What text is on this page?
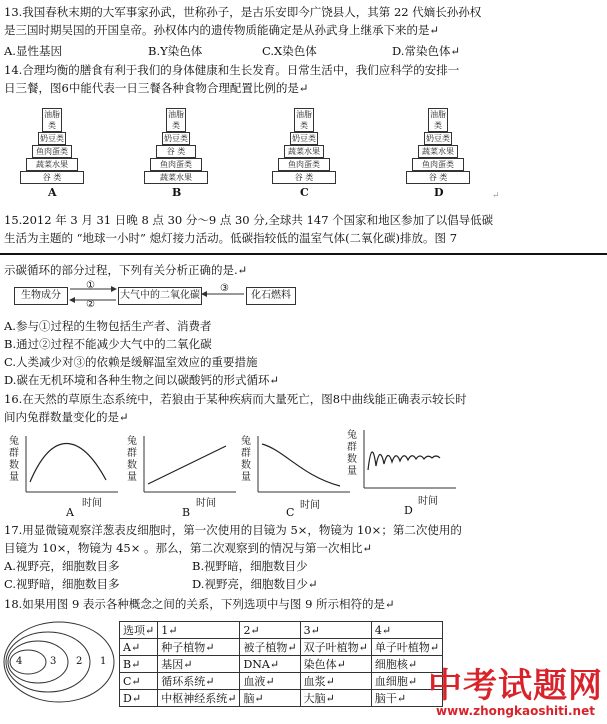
13.我国春秋末期的大军事家孙武，世称孙子，是古乐安即今广饶县人，其第 22 代嫡长孙孙权
是三国时期吴国的开国皇帝。孙权体内的遗传物质能确定是从孙武身上继承下来的是↵
A.显性基因	B.Y染色体	C.X染色体	D.常染色体↵
14.合理均衡的膳食有利于我们的身体健康和生长发育。日常生活中，我们应科学的安排一
日三餐，图6中能代表一日三餐各种食物合理配置比例的是↵
油脂类
奶豆类
鱼肉蛋类
蔬菜水果
谷 类
A
油脂类
奶豆类
谷 类
鱼肉蛋类
蔬菜水果
B
油脂类
奶豆类
蔬菜水果
鱼肉蛋类
谷 类
C
油脂类
奶豆类
蔬菜水果
鱼肉蛋类
谷 类
D	↵
15.2012 年 3 月 31 日晚 8 点 30 分～9 点 30 分,全球共 147 个国家和地区参加了以倡导低碳
生活为主题的 “地球一小时” 熄灯接力活动。低碳指较低的温室气体(二氧化碳)排放。图 7
示碳循环的部分过程，下列有关分析正确的是.↵
生物成分	大气中的二氧化碳	化石燃料
①
②
③
A.参与①过程的生物包括生产者、消费者
B.通过②过程不能减少大气中的二氧化碳
C.人类减少对③的依赖是缓解温室效应的重要措施
D.碳在无机环境和各种生物之间以碳酸钙的形式循环↵
16.在天然的草原生态系统中，若狼由于某种疾病而大量死亡，图8中曲线能正确表示较长时
间内兔群数量变化的是↵
兔群数量
时间
A
兔群数量
时间
B
兔群数量
时间
C
兔群数量
时间
D
17.用显微镜观察洋葱表皮细胞时，第一次使用的目镜为 5×，物镜为 10×；第二次使用的
目镜为 10×，物镜为 45× 。那么，第二次观察到的情况与第一次相比↵
A.视野亮，细胞数目多	B.视野暗，细胞数目少
C.视野暗，细胞数目多	D.视野亮，细胞数目少↵
18.如果用图 9 表示各种概念之间的关系，下列选项中与图 9 所示相符的是↵
4	3 2 1
选项↵	1↵	2↵	3↵	4↵
A↵	种子植物↵	被子植物↵	双子叶植物↵	单子叶植物↵
B↵	基因↵	DNA↵	染色体↵	细胞核↵
C↵	循环系统↵	血液↵	血浆↵	血细胞↵
D↵	中枢神经系统↵	脑↵	大脑↵	脑干↵ 中考试题网
www.zhongkaoshiti.net
